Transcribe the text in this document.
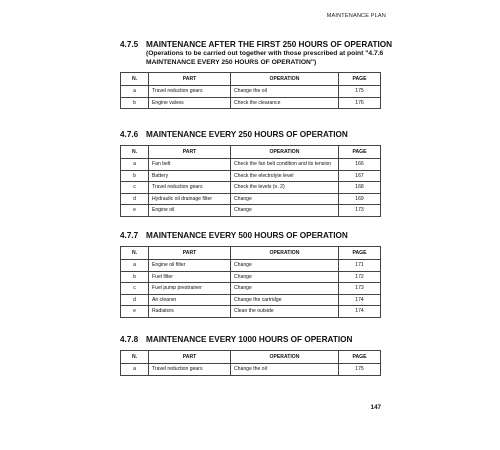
MAINTENANCE PLAN
4.7.5 MAINTENANCE AFTER THE FIRST 250 HOURS OF OPERATION
(Operations to be carried out together with those prescribed at point "4.7.6
MAINTENANCE EVERY 250 HOURS OF OPERATION")
N.	PART	OPERATION	PAGE
a	Travel reduction gears	Change the oil	175
b	Engine valves	Check the clearance	176
4.7.6 MAINTENANCE EVERY 250 HOURS OF OPERATION
N.	PART	OPERATION	PAGE
a	Fan belt	Check the fan belt condition and its tension	166
b	Battery	Check the electrolyte level	167
c	Travel reduction gears	Check the levels (n. 2)	168
d	Hydraulic oil drainage filter	Change	169
e	Engine oil	Change	173
4.7.7 MAINTENANCE EVERY 500 HOURS OF OPERATION
N.	PART	OPERATION	PAGE
a	Engine oil filter	Change	171
b	Fuel filter	Change	172
c	Fuel pump prestrainer	Change	173
d	Air cleaner	Change the cartridge	174
e	Radiators	Clean the outside	174
4.7.8 MAINTENANCE EVERY 1000 HOURS OF OPERATION
N.	PART	OPERATION	PAGE
a	Travel reduction gears	Change the oil	175
147
